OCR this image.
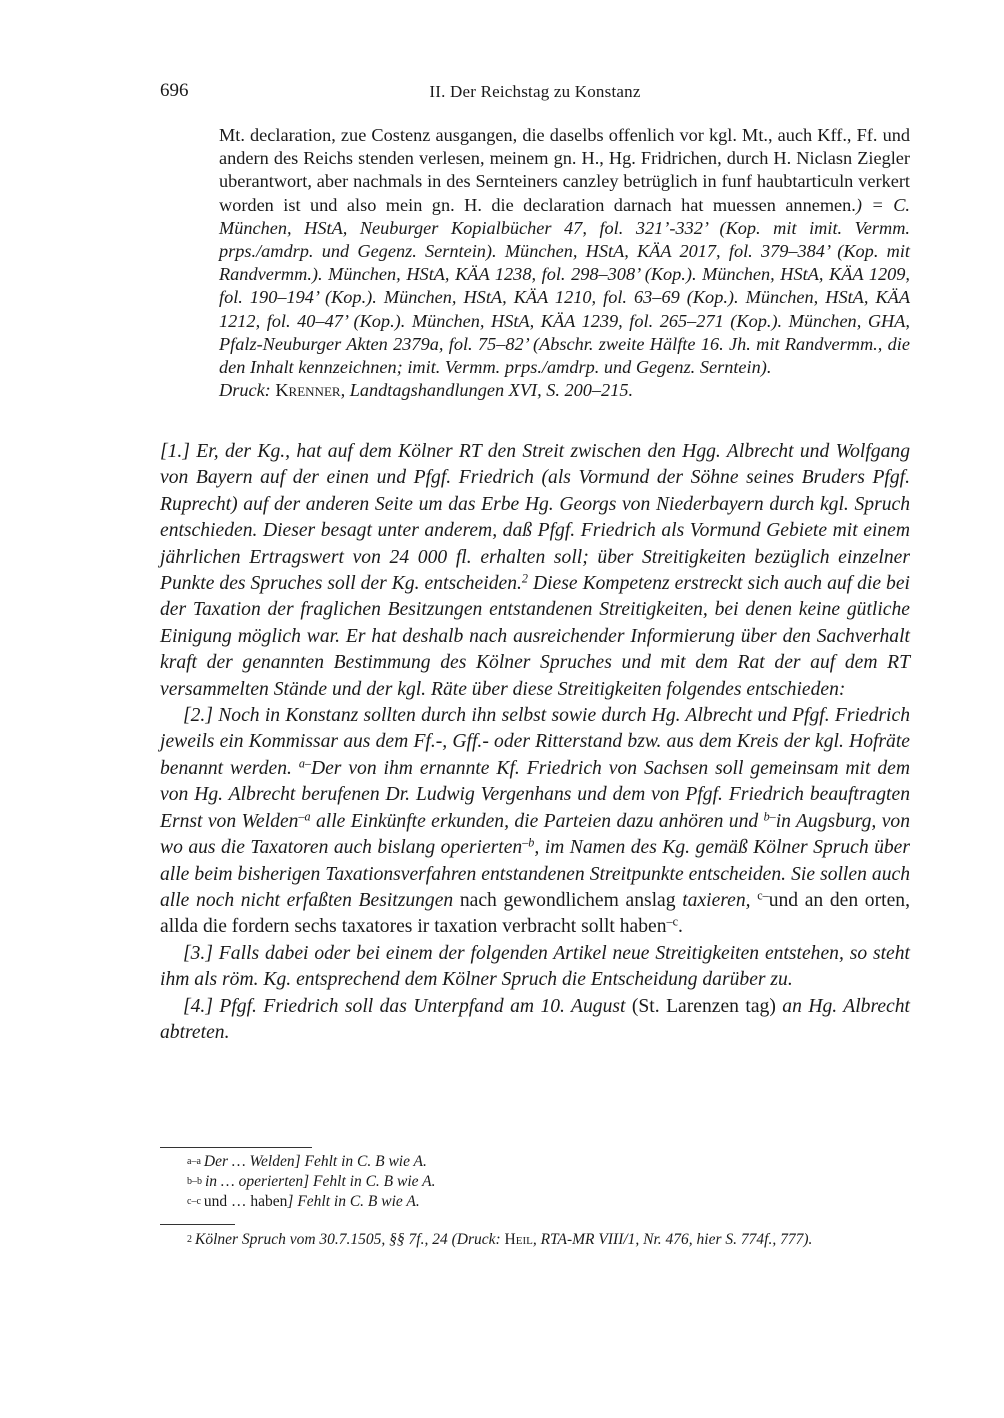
696	II. Der Reichstag zu Konstanz
Mt. declaration, zue Costenz ausgangen, die daselbs offenlich vor kgl. Mt., auch Kff., Ff. und andern des Reichs stenden verlesen, meinem gn. H., Hg. Fridrichen, durch H. Niclasn Ziegler uberantwort, aber nachmals in des Sernteiners canzley betrüglich in funf haubtarticuln verkert worden ist und also mein gn. H. die declaration darnach hat muessen annemen.) = C. München, HStA, Neuburger Kopialbücher 47, fol. 321’-332’ (Kop. mit imit. Vermm. prps./amdrp. und Gegenz. Serntein). München, HStA, KÄA 2017, fol. 379–384’ (Kop. mit Randvermm.). München, HStA, KÄA 1238, fol. 298–308’ (Kop.). München, HStA, KÄA 1209, fol. 190–194’ (Kop.). München, HStA, KÄA 1210, fol. 63–69 (Kop.). München, HStA, KÄA 1212, fol. 40–47’ (Kop.). München, HStA, KÄA 1239, fol. 265–271 (Kop.). München, GHA, Pfalz-Neuburger Akten 2379a, fol. 75–82’ (Abschr. zweite Hälfte 16. Jh. mit Randvermm., die den Inhalt kennzeichnen; imit. Vermm. prps./amdrp. und Gegenz. Serntein).
Druck: Krenner, Landtagshandlungen XVI, S. 200–215.

[1.] Er, der Kg., hat auf dem Kölner RT den Streit zwischen den Hgg. Albrecht und Wolfgang von Bayern auf der einen und Pfgf. Friedrich (als Vormund der Söhne seines Bruders Pfgf. Ruprecht) auf der anderen Seite um das Erbe Hg. Georgs von Niederbayern durch kgl. Spruch entschieden. Dieser besagt unter anderem, daß Pfgf. Friedrich als Vormund Gebiete mit einem jährlichen Ertragswert von 24 000 fl. erhalten soll; über Streitigkeiten bezüglich einzelner Punkte des Spruches soll der Kg. entscheiden.$^2$ Diese Kompetenz erstreckt sich auch auf die bei der Taxation der fraglichen Besitzungen entstandenen Streitigkeiten, bei denen keine gütliche Einigung möglich war. Er hat deshalb nach ausreichender Informierung über den Sachverhalt kraft der genannten Bestimmung des Kölner Spruches und mit dem Rat der auf dem RT versammelten Stände und der kgl. Räte über diese Streitigkeiten folgendes entschieden:

[2.] Noch in Konstanz sollten durch ihn selbst sowie durch Hg. Albrecht und Pfgf. Friedrich jeweils ein Kommissar aus dem Ff.-, Gff.- oder Ritterstand bzw. aus dem Kreis der kgl. Hofräte benannt werden. $^{a-}$Der von ihm ernannte Kf. Friedrich von Sachsen soll gemeinsam mit dem von Hg. Albrecht berufenen Dr. Ludwig Vergenhans und dem von Pfgf. Friedrich beauftragten Ernst von Welden$^{-a}$ alle Einkünfte erkunden, die Parteien dazu anhören und $^{b-}$in Augsburg, von wo aus die Taxatoren auch bislang operierten$^{-b}$, im Namen des Kg. gemäß Kölner Spruch über alle beim bisherigen Taxationsverfahren entstandenen Streitpunkte entscheiden. Sie sollen auch alle noch nicht erfaßten Besitzungen nach gewondlichem anslag taxieren, $^{c-}$und an den orten, allda die fordern sechs taxatores ir taxation verbracht sollt haben$^{-c}$.

[3.] Falls dabei oder bei einem der folgenden Artikel neue Streitigkeiten entstehen, so steht ihm als röm. Kg. entsprechend dem Kölner Spruch die Entscheidung darüber zu.

[4.] Pfgf. Friedrich soll das Unterpfand am 10. August (St. Larenzen tag) an Hg. Albrecht abtreten.

a–a Der … Welden] Fehlt in C. B wie A.
b–b in … operierten] Fehlt in C. B wie A.
c–c und … haben] Fehlt in C. B wie A.
2 Kölner Spruch vom 30.7.1505, §§ 7f., 24 (Druck: Heil, RTA-MR VIII/1, Nr. 476, hier S. 774f., 777).
